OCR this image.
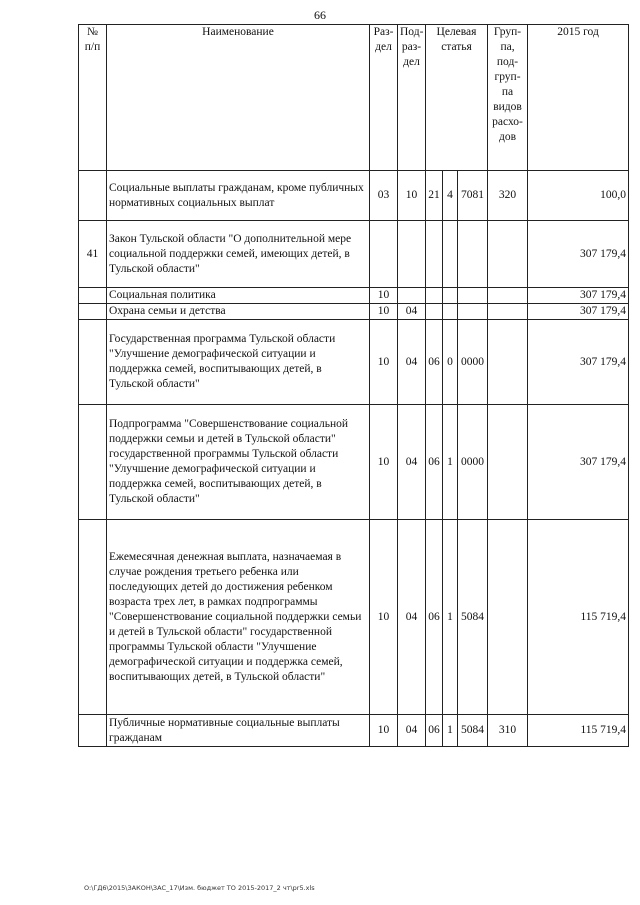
66
№ п/п	Наименование	Раз-дел	Под-раз-дел	Целевая статья			Груп-па, под-груп-па видов расхо-дов	2015 год
	Социальные выплаты гражданам, кроме публичных нормативных социальных выплат	03	10	21	4	7081	320	100,0
41	Закон Тульской области "О дополнительной мере социальной поддержки семей, имеющих детей, в Тульской области"							307 179,4
	Социальная политика	10						307 179,4
	Охрана семьи и детства	10	04					307 179,4
	Государственная программа Тульской области "Улучшение демографической ситуации и поддержка семей, воспитывающих детей, в Тульской области"	10	04	06	0	0000		307 179,4
	Подпрограмма "Совершенствование социальной поддержки семьи и детей в Тульской области" государственной программы Тульской области "Улучшение демографической ситуации и поддержка семей, воспитывающих детей, в Тульской области"	10	04	06	1	0000		307 179,4
	Ежемесячная денежная выплата, назначаемая в случае рождения третьего ребенка или последующих детей до достижения ребенком возраста трех лет, в рамках подпрограммы "Совершенствование социальной поддержки семьи и детей в Тульской области" государственной программы Тульской области "Улучшение демографической ситуации и поддержка семей, воспитывающих детей, в Тульской области"	10	04	06	1	5084		115 719,4
	Публичные нормативные социальные выплаты гражданам	10	04	06	1	5084	310	115 719,4
O:\ГД6\2015\ЗАКОН\ЗАС_17\Изм. бюджет ТО 2015-2017_2 чт\pr5.xls
